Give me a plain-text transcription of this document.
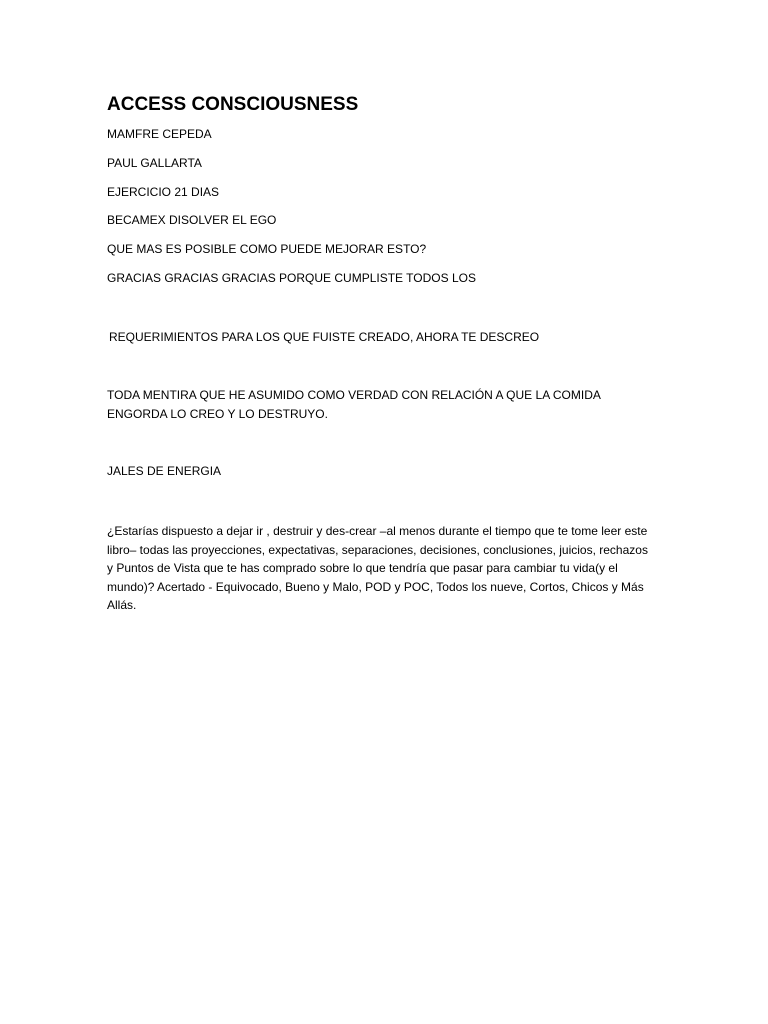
ACCESS CONSCIOUSNESS

MAMFRE CEPEDA

PAUL GALLARTA

EJERCICIO 21 DIAS

BECAMEX DISOLVER EL EGO

QUE MAS ES POSIBLE COMO PUEDE MEJORAR ESTO?

GRACIAS GRACIAS GRACIAS PORQUE CUMPLISTE TODOS LOS

REQUERIMIENTOS PARA LOS QUE FUISTE CREADO, AHORA TE DESCREO

TODA MENTIRA QUE HE ASUMIDO COMO VERDAD CON RELACIÓN A QUE LA COMIDA ENGORDA LO CREO Y LO DESTRUYO.

JALES DE ENERGIA

¿Estarías dispuesto a dejar ir , destruir y des-crear –al menos durante el tiempo que te tome leer este libro– todas las proyecciones, expectativas, separaciones, decisiones, conclusiones, juicios, rechazos y Puntos de Vista que te has comprado sobre lo que tendría que pasar para cambiar tu vida(y el mundo)? Acertado - Equivocado, Bueno y Malo, POD y POC, Todos los nueve, Cortos, Chicos y Más Allás.
